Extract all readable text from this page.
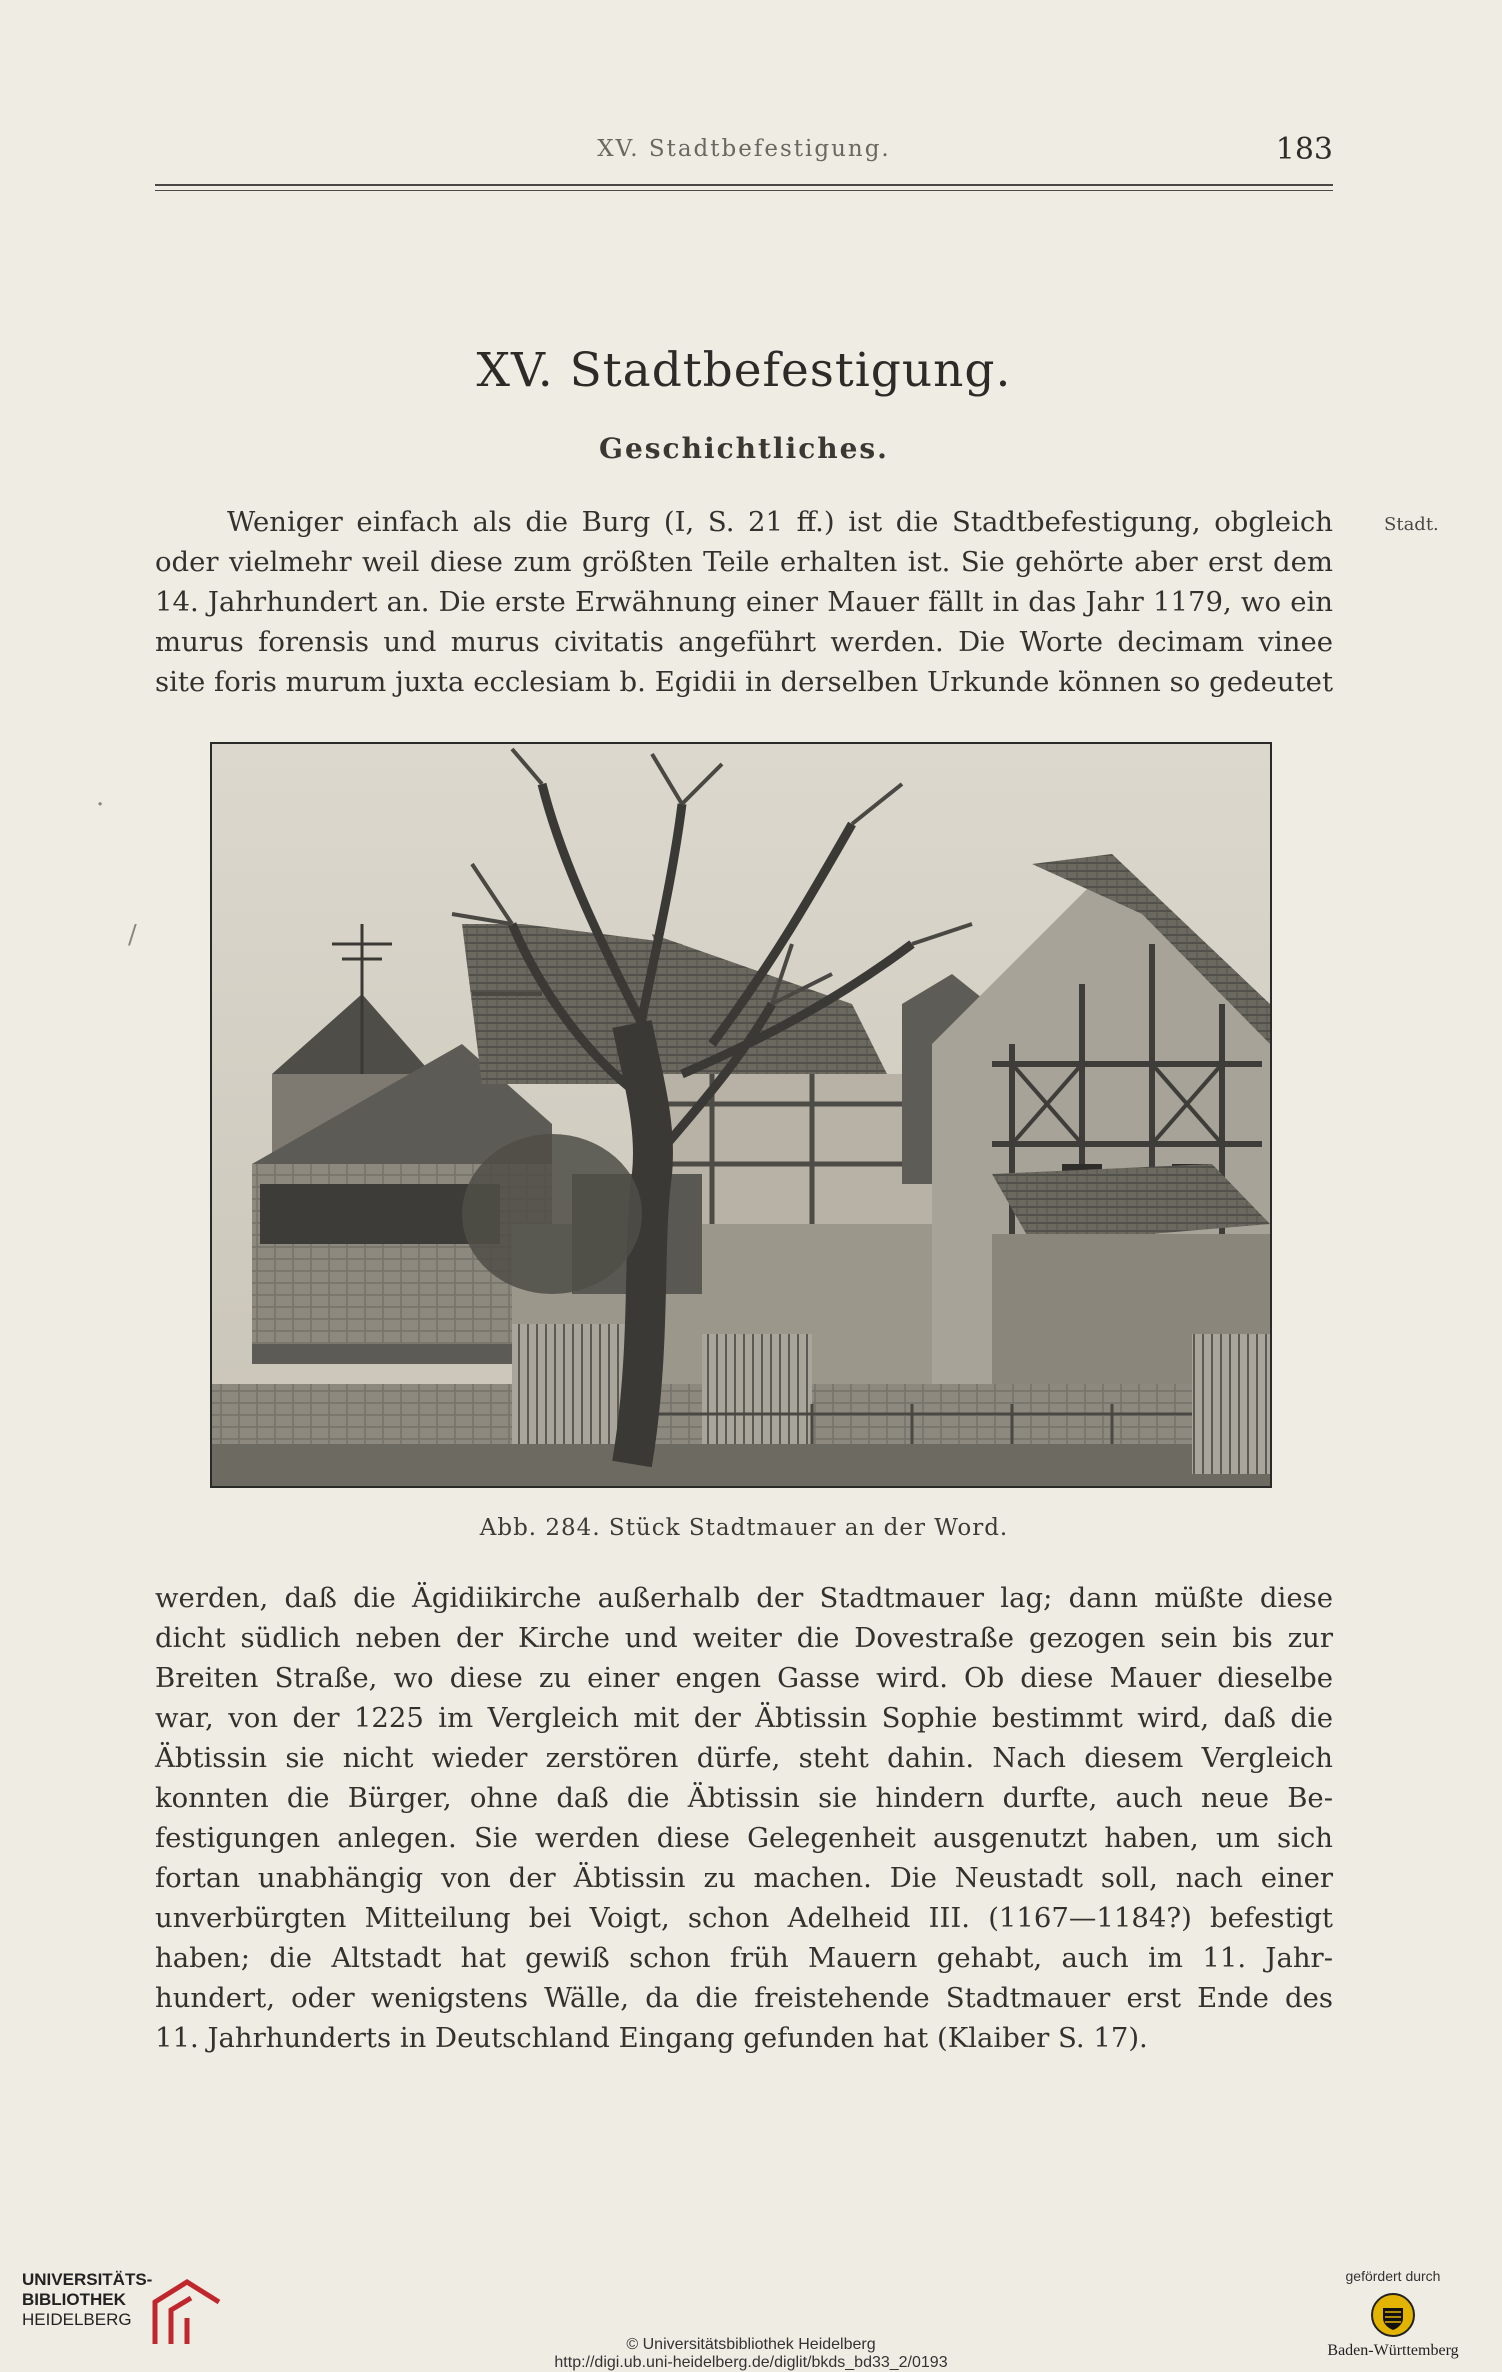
XV. Stadtbefestigung.	183
XV. Stadtbefestigung.
Geschichtliches.
Stadt.
Weniger einfach als die Burg (I, S. 21 ff.) ist die Stadtbefestigung, obgleich
oder vielmehr weil diese zum größten Teile erhalten ist. Sie gehörte aber erst dem
14. Jahrhundert an. Die erste Erwähnung einer Mauer fällt in das Jahr 1179, wo ein
murus forensis und murus civitatis angeführt werden. Die Worte decimam vinee
site foris murum juxta ecclesiam b. Egidii in derselben Urkunde können so gedeutet
Abb. 284. Stück Stadtmauer an der Word.
werden, daß die Ägidiikirche außerhalb der Stadtmauer lag; dann müßte diese
dicht südlich neben der Kirche und weiter die Dovestraße gezogen sein bis zur
Breiten Straße, wo diese zu einer engen Gasse wird. Ob diese Mauer dieselbe
war, von der 1225 im Vergleich mit der Äbtissin Sophie bestimmt wird, daß die
Äbtissin sie nicht wieder zerstören dürfe, steht dahin. Nach diesem Vergleich
konnten die Bürger, ohne daß die Äbtissin sie hindern durfte, auch neue Be-
festigungen anlegen. Sie werden diese Gelegenheit ausgenutzt haben, um sich
fortan unabhängig von der Äbtissin zu machen. Die Neustadt soll, nach einer
unverbürgten Mitteilung bei Voigt, schon Adelheid III. (1167—1184?) befestigt
haben; die Altstadt hat gewiß schon früh Mauern gehabt, auch im 11. Jahr-
hundert, oder wenigstens Wälle, da die freistehende Stadtmauer erst Ende des
11. Jahrhunderts in Deutschland Eingang gefunden hat (Klaiber S. 17).
·
/
UNIVERSITÄTS-
BIBLIOTHEK
HEIDELBERG
© Universitätsbibliothek Heidelberg
http://digi.ub.uni-heidelberg.de/diglit/bkds_bd33_2/0193
gefördert durch
Baden-Württemberg
